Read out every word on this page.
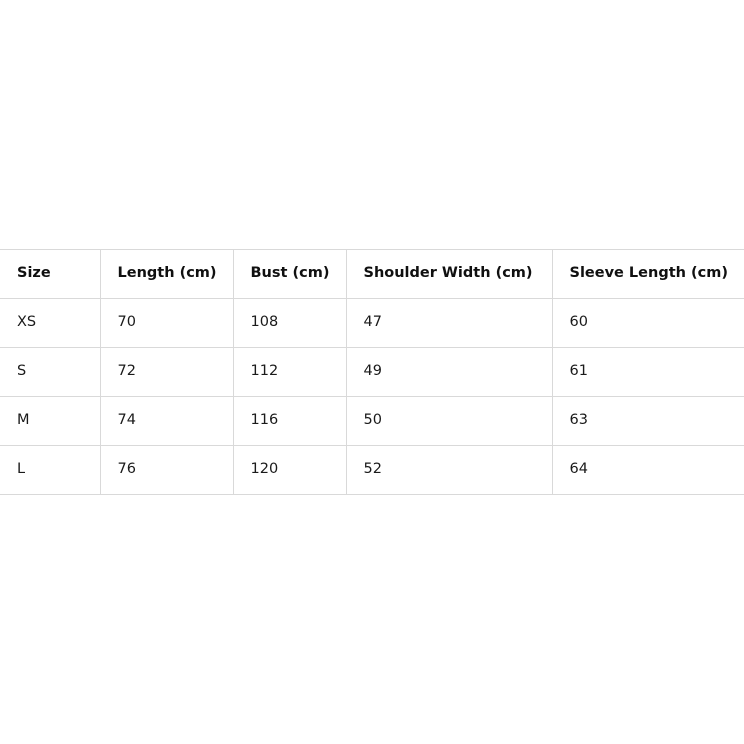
Size	Length (cm)	Bust (cm)	Shoulder Width (cm)	Sleeve Length (cm)
XS	70	108	47	60
S	72	112	49	61
M	74	116	50	63
L	76	120	52	64
